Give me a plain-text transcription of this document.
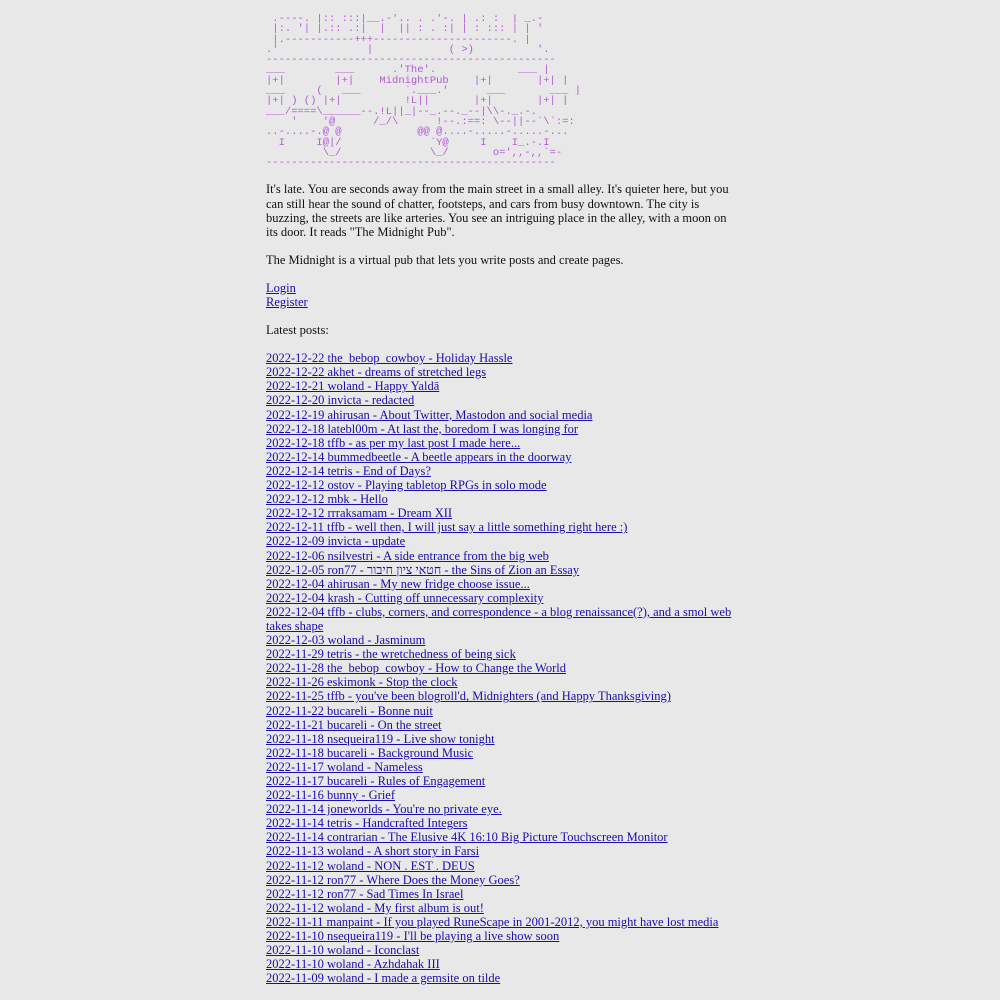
.----. |:: :::|__.-'.. . .'-. | .: :  | _.-
|:. '| |.:: .:|  |  || : . :| | : ::: | | '
|.-----------+++----------------------. |
.'              |            ( >)          '.
----------------------------------------------
___        ___      .'The'.             ___ |
|+|        |+|    MidnightPub    |+|       |+| |
___     (   ___       `.___.'      ___       ___ |
|+| ) () |+|          !L||       |+|       |+| |
___/====\______--.!L||_|--_.--._--|\\-._.-.
'    '@      /_/\      !--.:==: \--||--`\`:=:
..-....-.@ @            @@ @....-.....-.....-...
I     I@|/              `Y@     I    I_.-.I
\_/              \_/       o=',,-,,`=-
----------------------------------------------

It's late. You are seconds away from the main street in a small alley. It's quieter here, but you can still hear the sound of chatter, footsteps, and cars from busy downtown. The city is buzzing, the streets are like arteries. You see an intriguing place in the alley, with a moon on its door. It reads "The Midnight Pub".

The Midnight is a virtual pub that lets you write posts and create pages.

Login
Register

Latest posts:

2022-12-22 the_bebop_cowboy - Holiday Hassle
2022-12-22 akhet - dreams of stretched legs
2022-12-21 woland - Happy Yaldā
2022-12-20 invicta - redacted
2022-12-19 ahirusan - About Twitter, Mastodon and social media
2022-12-18 latebl00m - At last the, boredom I was longing for
2022-12-18 tffb - as per my last post I made here...
2022-12-14 bummedbeetle - A beetle appears in the doorway
2022-12-14 tetris - End of Days?
2022-12-12 ostov - Playing tabletop RPGs in solo mode
2022-12-12 mbk - Hello
2022-12-12 rrraksamam - Dream XII
2022-12-11 tffb - well then, I will just say a little something right here :)
2022-12-09 invicta - update
2022-12-06 nsilvestri - A side entrance from the big web
2022-12-05 ron77 - חטאי ציון חיבור - the Sins of Zion an Essay
2022-12-04 ahirusan - My new fridge choose issue...
2022-12-04 krash - Cutting off unnecessary complexity
2022-12-04 tffb - clubs, corners, and correspondence - a blog renaissance(?), and a smol web takes shape
2022-12-03 woland - Jasminum
2022-11-29 tetris - the wretchedness of being sick
2022-11-28 the_bebop_cowboy - How to Change the World
2022-11-26 eskimonk - Stop the clock
2022-11-25 tffb - you've been blogroll'd, Midnighters (and Happy Thanksgiving)
2022-11-22 bucareli - Bonne nuit
2022-11-21 bucareli - On the street
2022-11-18 nsequeira119 - Live show tonight
2022-11-18 bucareli - Background Music
2022-11-17 woland - Nameless
2022-11-17 bucareli - Rules of Engagement
2022-11-16 bunny - Grief
2022-11-14 joneworlds - You're no private eye.
2022-11-14 tetris - Handcrafted Integers
2022-11-14 contrarian - The Elusive 4K 16:10 Big Picture Touchscreen Monitor
2022-11-13 woland - A short story in Farsi
2022-11-12 woland - NON . EST . DEUS
2022-11-12 ron77 - Where Does the Money Goes?
2022-11-12 ron77 - Sad Times In Israel
2022-11-12 woland - My first album is out!
2022-11-11 manpaint - If you played RuneScape in 2001-2012, you might have lost media
2022-11-10 nsequeira119 - I'll be playing a live show soon
2022-11-10 woland - Iconclast
2022-11-10 woland - Azhdahak III
2022-11-09 woland - I made a gemsite on tilde
